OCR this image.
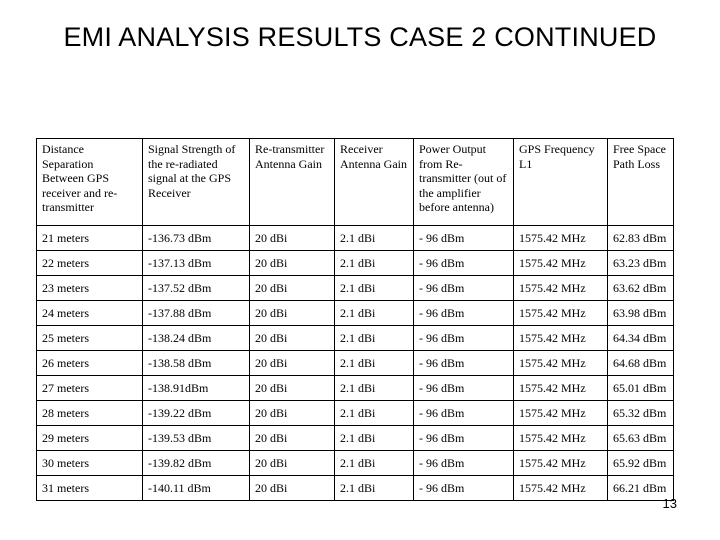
EMI ANALYSIS RESULTS CASE 2 CONTINUED
Distance Separation Between GPS receiver and re-transmitter	Signal Strength of the re-radiated signal at the GPS Receiver	Re-transmitter Antenna Gain	Receiver Antenna Gain	Power Output from Re-transmitter (out of the amplifier before antenna)	GPS Frequency L1	Free Space Path Loss
21 meters	-136.73 dBm	20 dBi	2.1 dBi	- 96 dBm	1575.42 MHz	62.83 dBm
22 meters	-137.13 dBm	20 dBi	2.1 dBi	- 96 dBm	1575.42 MHz	63.23 dBm
23 meters	-137.52 dBm	20 dBi	2.1 dBi	- 96 dBm	1575.42 MHz	63.62 dBm
24 meters	-137.88 dBm	20 dBi	2.1 dBi	- 96 dBm	1575.42 MHz	63.98 dBm
25 meters	-138.24 dBm	20 dBi	2.1 dBi	- 96 dBm	1575.42 MHz	64.34 dBm
26 meters	-138.58 dBm	20 dBi	2.1 dBi	- 96 dBm	1575.42 MHz	64.68 dBm
27 meters	-138.91dBm	20 dBi	2.1 dBi	- 96 dBm	1575.42 MHz	65.01 dBm
28 meters	-139.22 dBm	20 dBi	2.1 dBi	- 96 dBm	1575.42 MHz	65.32 dBm
29 meters	-139.53 dBm	20 dBi	2.1 dBi	- 96 dBm	1575.42 MHz	65.63 dBm
30 meters	-139.82 dBm	20 dBi	2.1 dBi	- 96 dBm	1575.42 MHz	65.92 dBm
31 meters	-140.11 dBm	20 dBi	2.1 dBi	- 96 dBm	1575.42 MHz	66.21 dBm
13
